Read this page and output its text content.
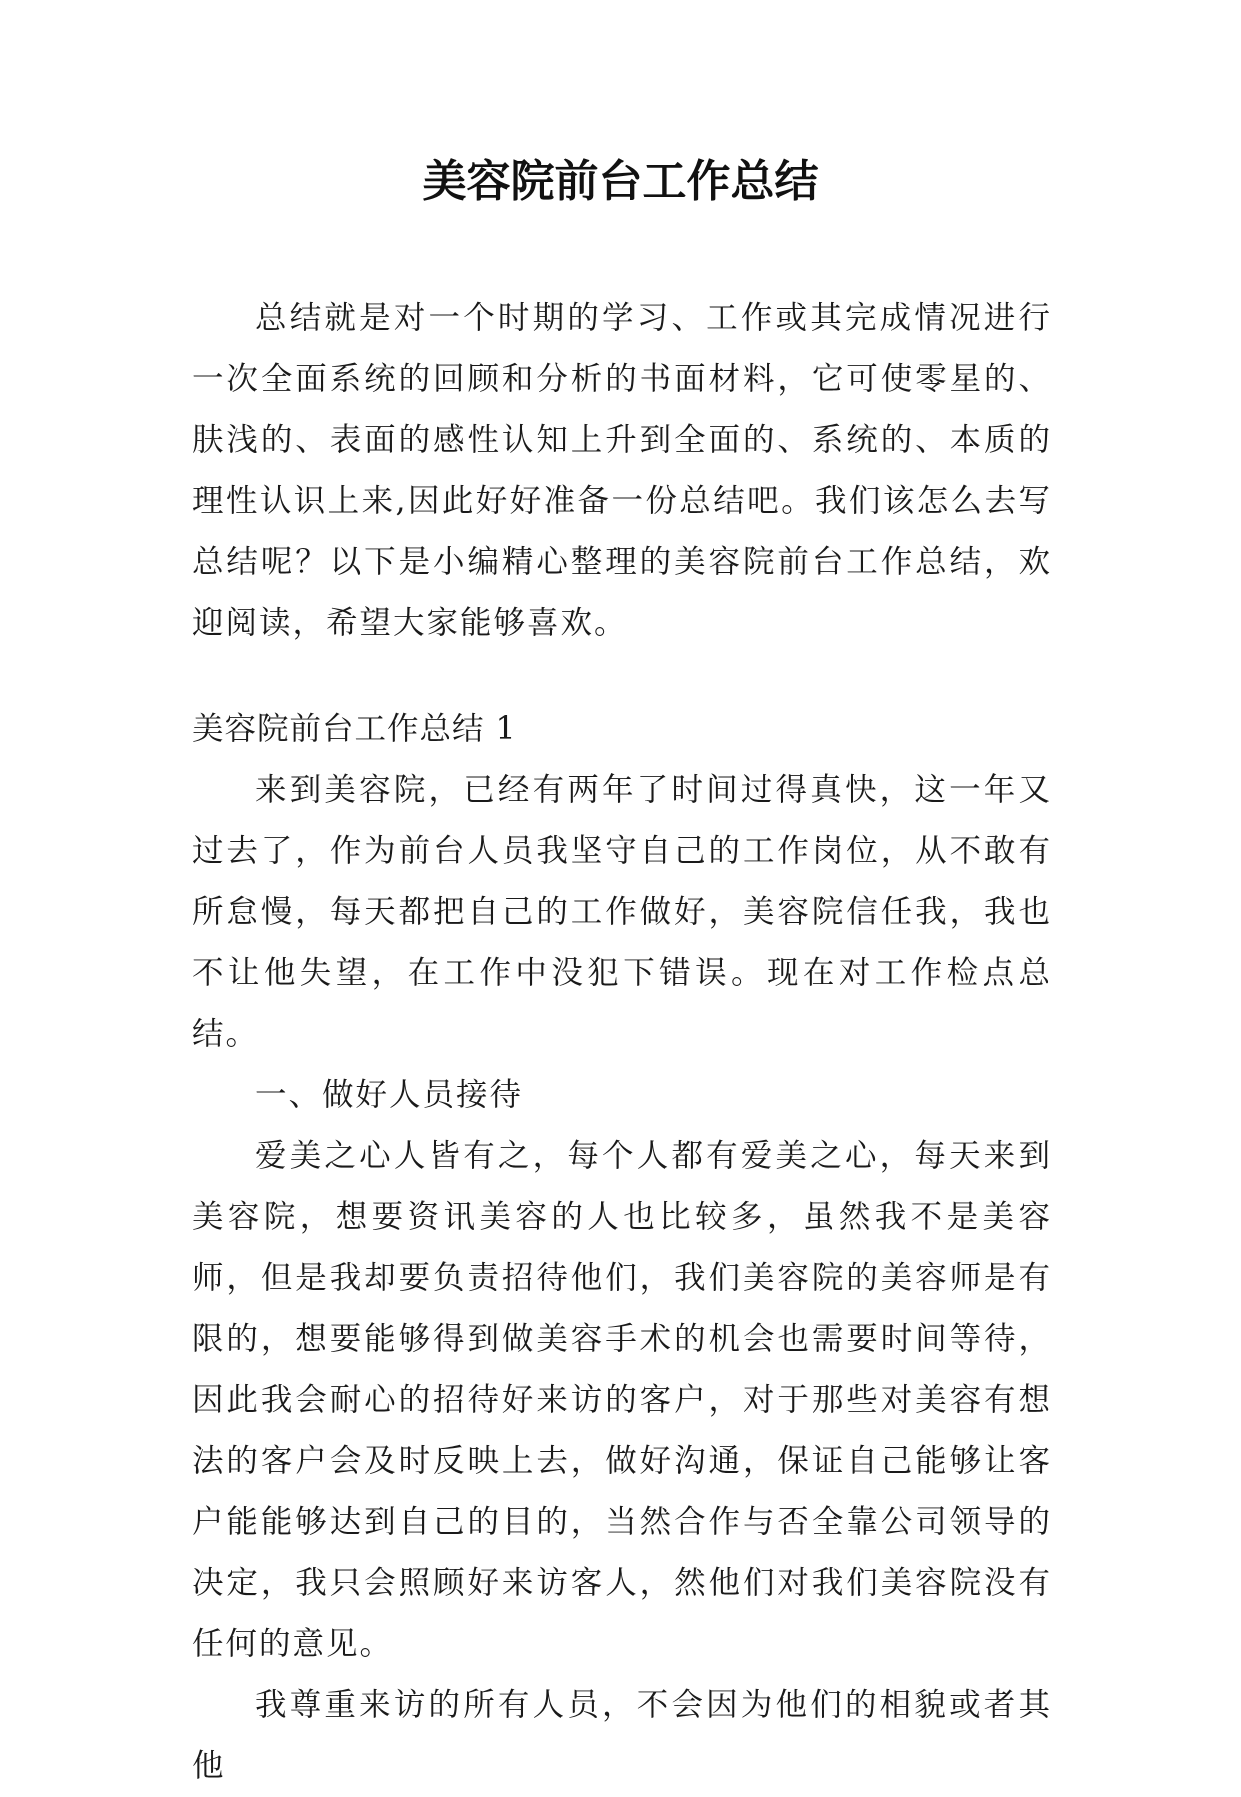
美容院前台工作总结

总结就是对一个时期的学习、工作或其完成情况进行一次全面系统的回顾和分析的书面材料，它可使零星的、肤浅的、表面的感性认知上升到全面的、系统的、本质的理性认识上来,因此好好准备一份总结吧。我们该怎么去写总结呢？以下是小编精心整理的美容院前台工作总结，欢迎阅读，希望大家能够喜欢。

美容院前台工作总结 1

来到美容院，已经有两年了时间过得真快，这一年又过去了，作为前台人员我坚守自己的工作岗位，从不敢有所怠慢，每天都把自己的工作做好，美容院信任我，我也不让他失望，在工作中没犯下错误。现在对工作检点总结。

一、做好人员接待

爱美之心人皆有之，每个人都有爱美之心，每天来到美容院，想要资讯美容的人也比较多，虽然我不是美容师，但是我却要负责招待他们，我们美容院的美容师是有限的，想要能够得到做美容手术的机会也需要时间等待，因此我会耐心的招待好来访的客户，对于那些对美容有想法的客户会及时反映上去，做好沟通，保证自己能够让客户能能够达到自己的目的，当然合作与否全靠公司领导的决定，我只会照顾好来访客人，然他们对我们美容院没有任何的意见。

我尊重来访的所有人员，不会因为他们的相貌或者其他
